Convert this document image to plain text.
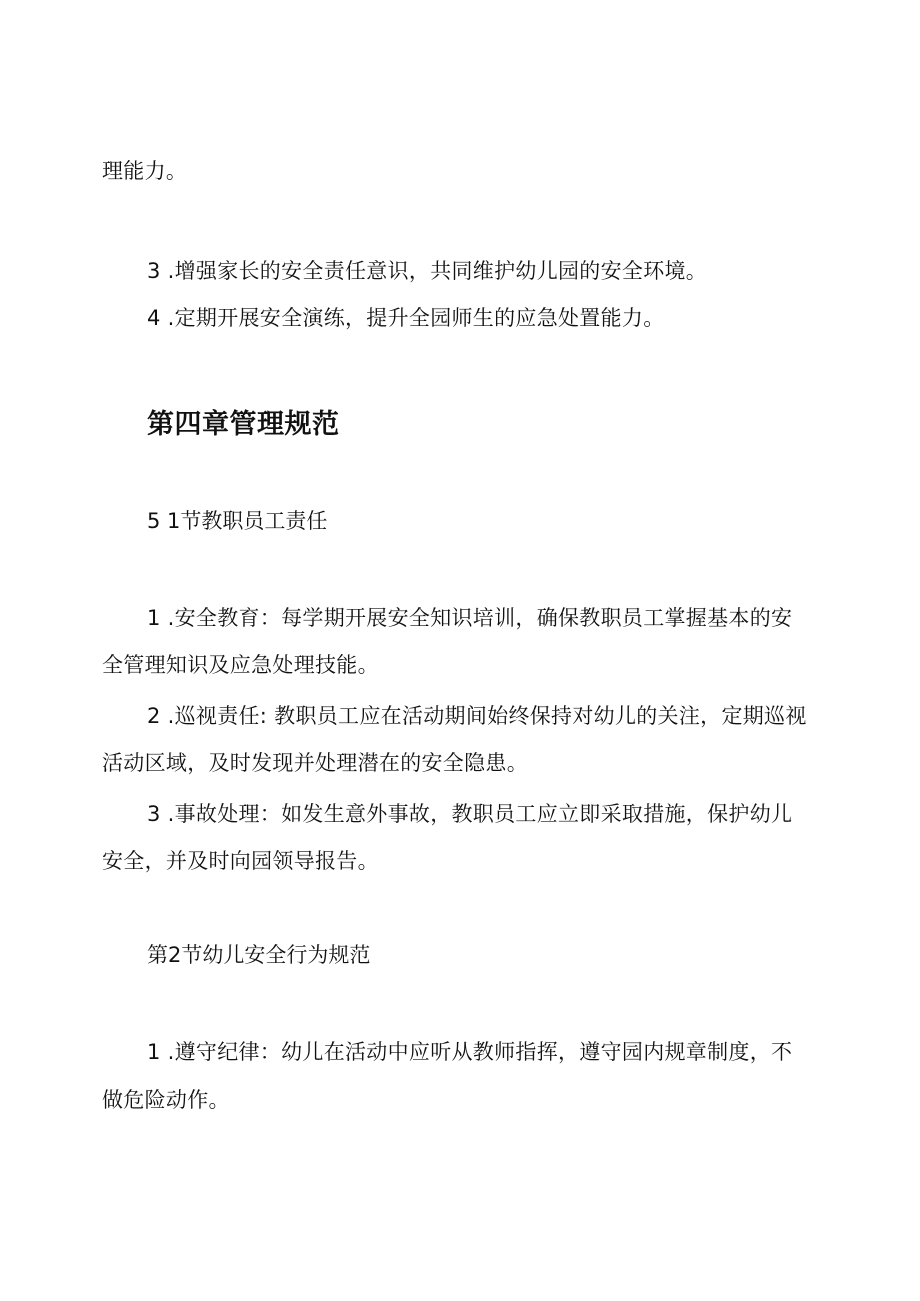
理能力。
3 .增强家长的安全责任意识，共同维护幼儿园的安全环境。
4 .定期开展安全演练，提升全园师生的应急处置能力。
第四章管理规范
5 1节教职员工责任
1 .安全教育：每学期开展安全知识培训，确保教职员工掌握基本的安
全管理知识及应急处理技能。
2 .巡视责任: 教职员工应在活动期间始终保持对幼儿的关注，定期巡视
活动区域，及时发现并处理潜在的安全隐患。
3 .事故处理：如发生意外事故，教职员工应立即采取措施，保护幼儿
安全，并及时向园领导报告。
第2节幼儿安全行为规范
1 .遵守纪律：幼儿在活动中应听从教师指挥，遵守园内规章制度，不
做危险动作。
